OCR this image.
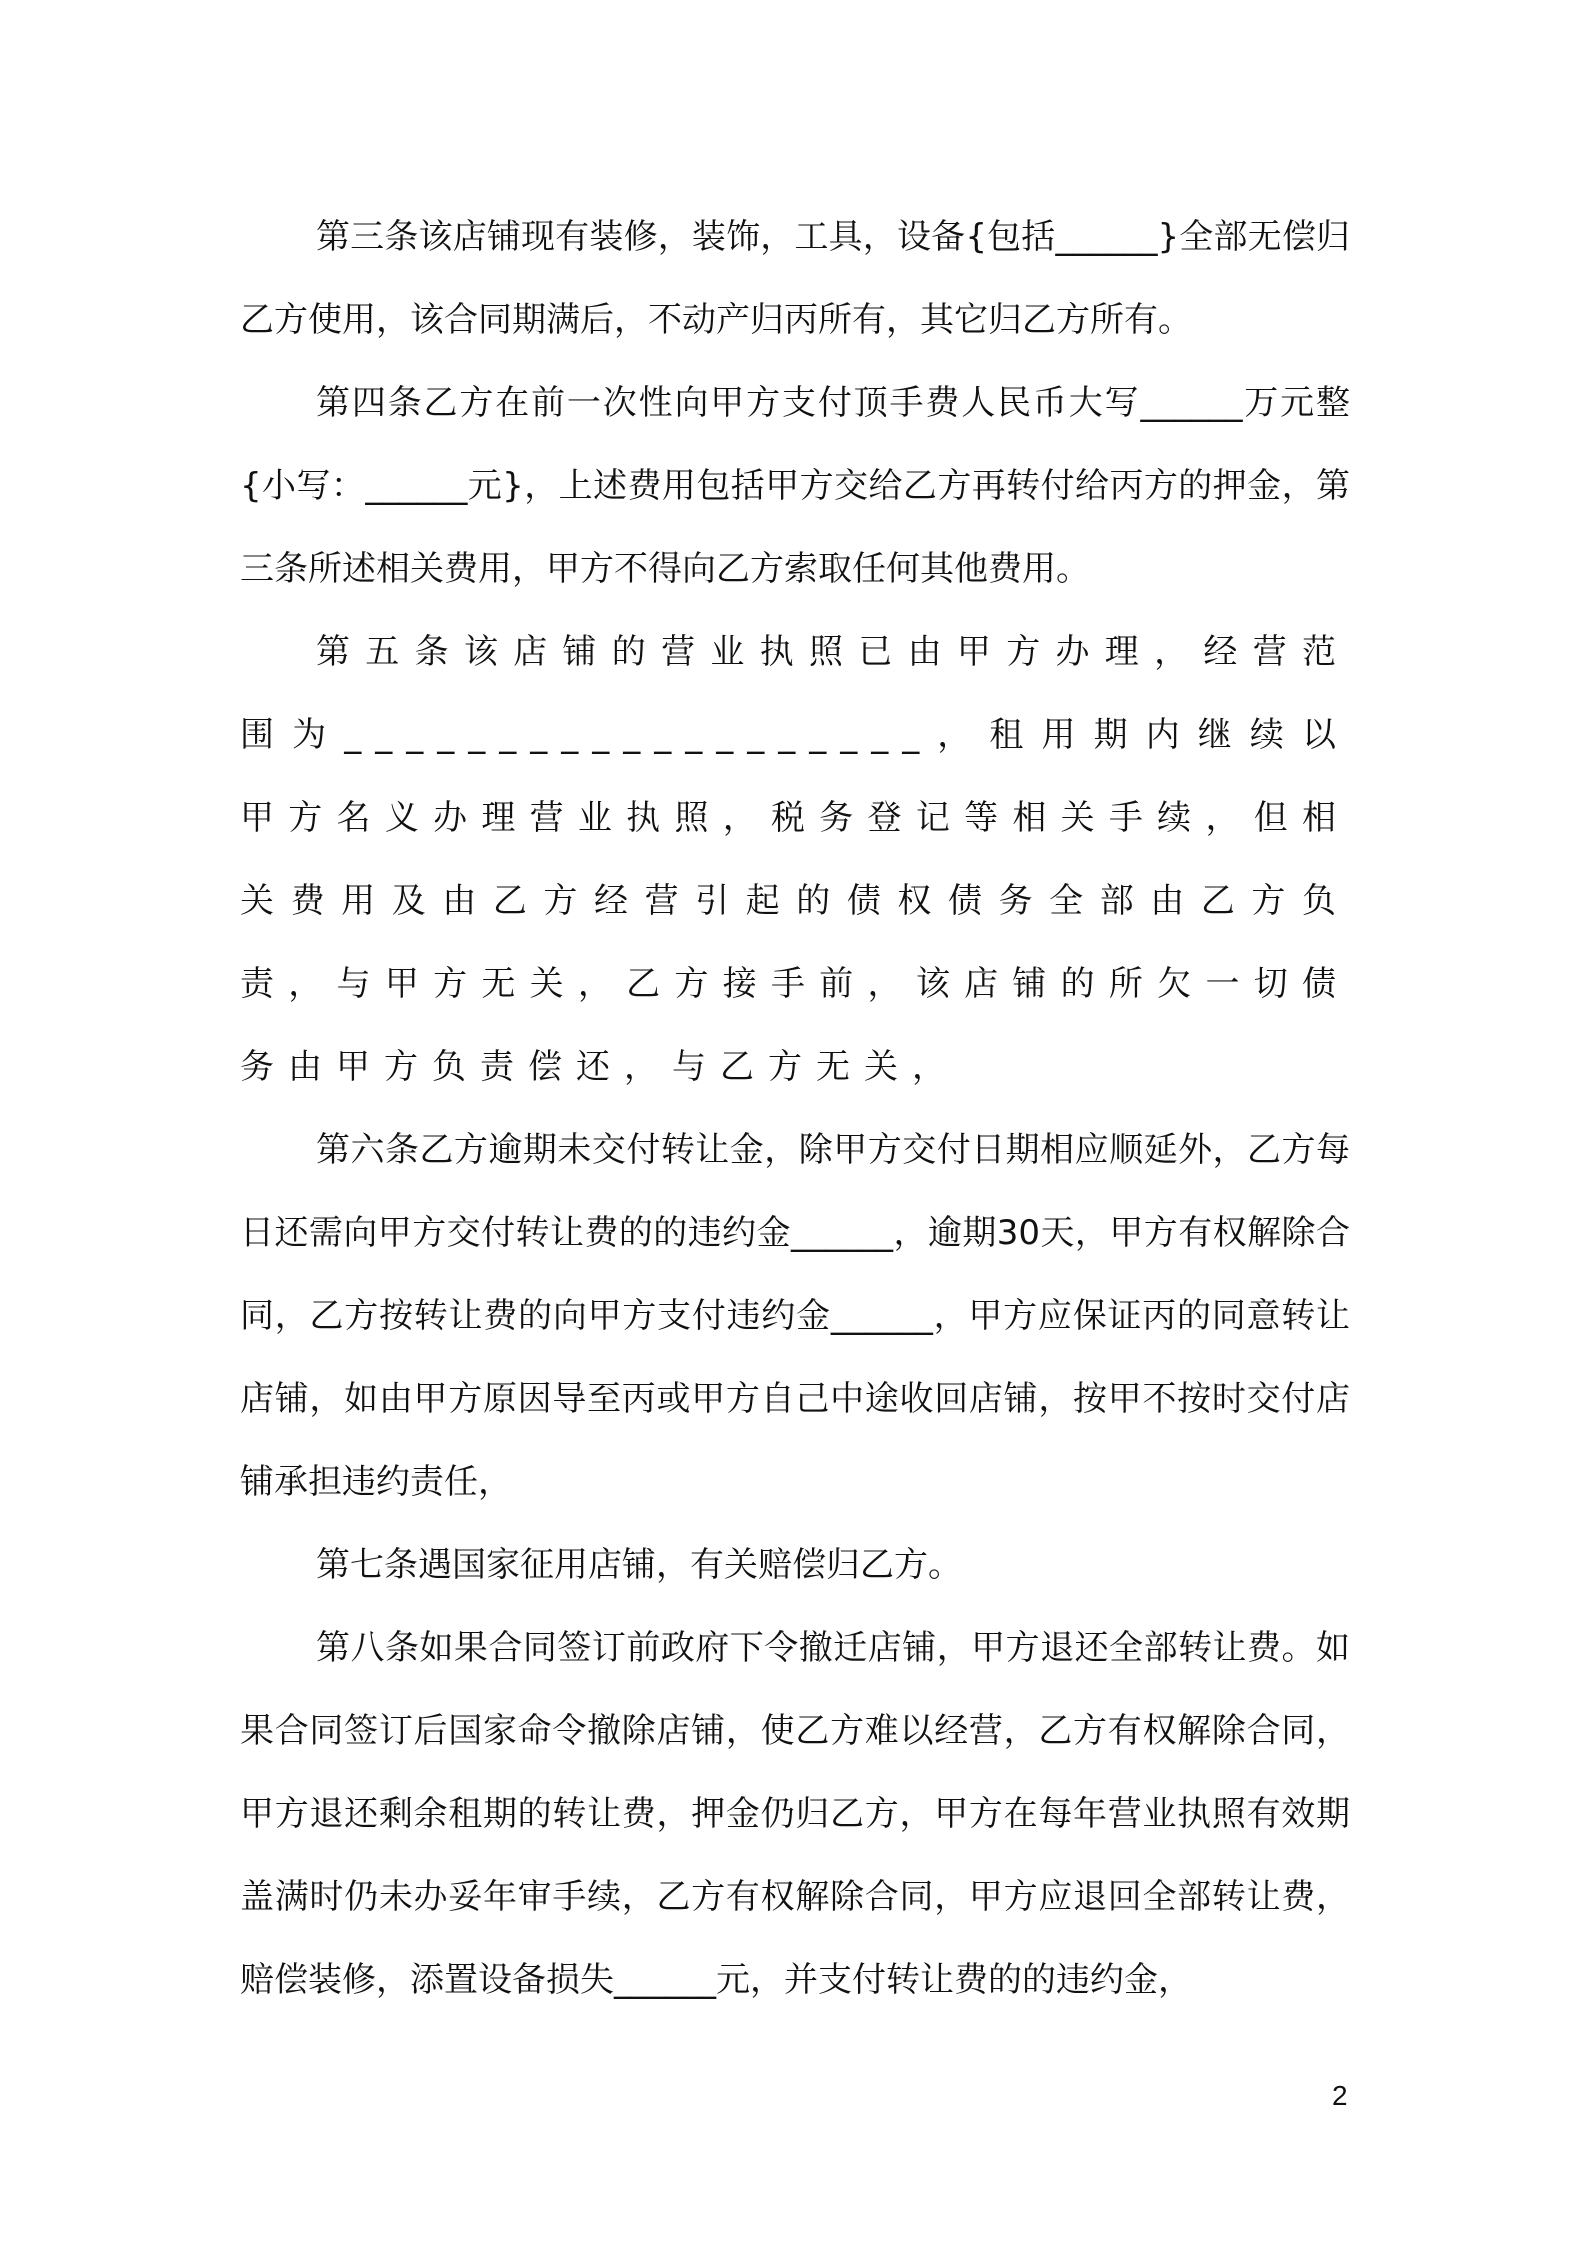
第三条该店铺现有装修，装饰，工具，设备{包括______}全部无偿归乙方使用，该合同期满后，不动产归丙所有，其它归乙方所有。

第四条乙方在前一次性向甲方支付顶手费人民币大写______万元整{小写：______元}，上述费用包括甲方交给乙方再转付给丙方的押金，第三条所述相关费用，甲方不得向乙方索取任何其他费用。

第五条该店铺的营业执照已由甲方办理，经营范围为___________________，租用期内继续以甲方名义办理营业执照，税务登记等相关手续，但相关费用及由乙方经营引起的债权债务全部由乙方负责，与甲方无关，乙方接手前，该店铺的所欠一切债务由甲方负责偿还，与乙方无关，

第六条乙方逾期未交付转让金，除甲方交付日期相应顺延外，乙方每日还需向甲方交付转让费的的违约金______，逾期30天，甲方有权解除合同，乙方按转让费的向甲方支付违约金______，甲方应保证丙的同意转让店铺，如由甲方原因导至丙或甲方自己中途收回店铺，按甲不按时交付店铺承担违约责任，

第七条遇国家征用店铺，有关赔偿归乙方。

第八条如果合同签订前政府下令撤迁店铺，甲方退还全部转让费。如果合同签订后国家命令撤除店铺，使乙方难以经营，乙方有权解除合同，甲方退还剩余租期的转让费，押金仍归乙方，甲方在每年营业执照有效期盖满时仍未办妥年审手续，乙方有权解除合同，甲方应退回全部转让费，赔偿装修，添置设备损失______元，并支付转让费的的违约金，

2
